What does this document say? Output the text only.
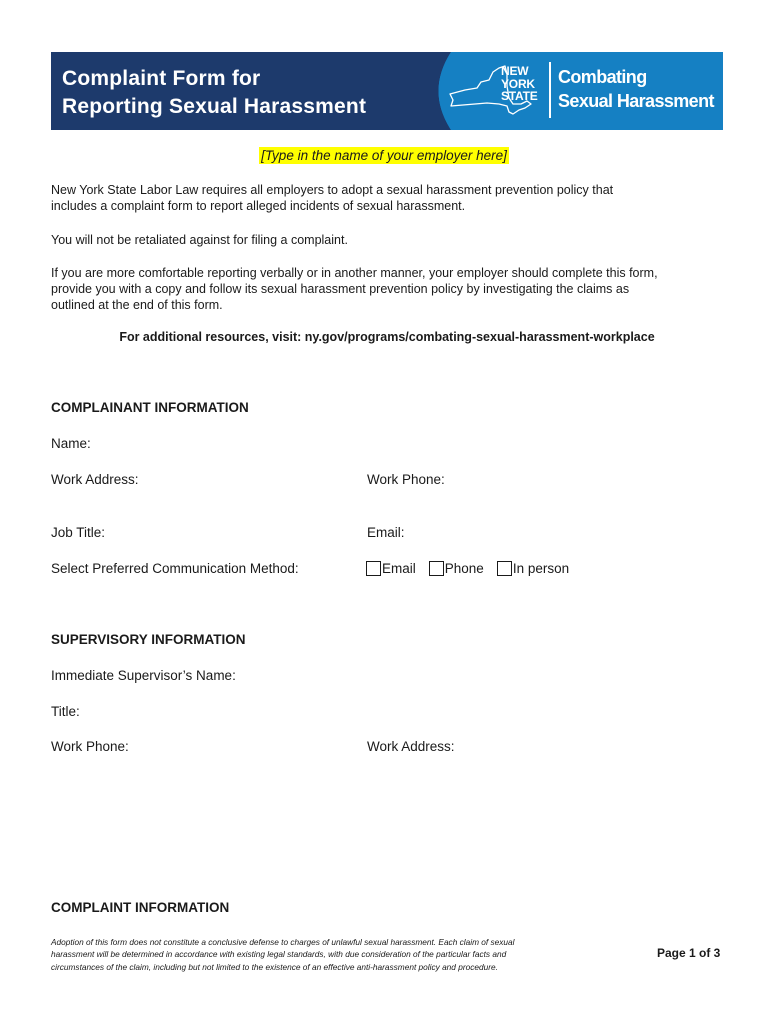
Complaint Form for
Reporting Sexual Harassment
NEW
YORK
STATE
Combating
Sexual Harassment
[Type in the name of your employer here]
New York State Labor Law requires all employers to adopt a sexual harassment prevention policy that
includes a complaint form to report alleged incidents of sexual harassment.
You will not be retaliated against for filing a complaint.
If you are more comfortable reporting verbally or in another manner, your employer should complete this form,
provide you with a copy and follow its sexual harassment prevention policy by investigating the claims as
outlined at the end of this form.
For additional resources, visit: ny.gov/programs/combating-sexual-harassment-workplace
COMPLAINANT INFORMATION
Name:
Work Address:	Work Phone:
Job Title:	Email:
Select Preferred Communication Method:	Email Phone In person
SUPERVISORY INFORMATION
Immediate Supervisor’s Name:
Title:
Work Phone:	Work Address:
COMPLAINT INFORMATION
Adoption of this form does not constitute a conclusive defense to charges of unlawful sexual harassment. Each claim of sexual
harassment will be determined in accordance with existing legal standards, with due consideration of the particular facts and
circumstances of the claim, including but not limited to the existence of an effective anti-harassment policy and procedure.
Page 1 of 3
